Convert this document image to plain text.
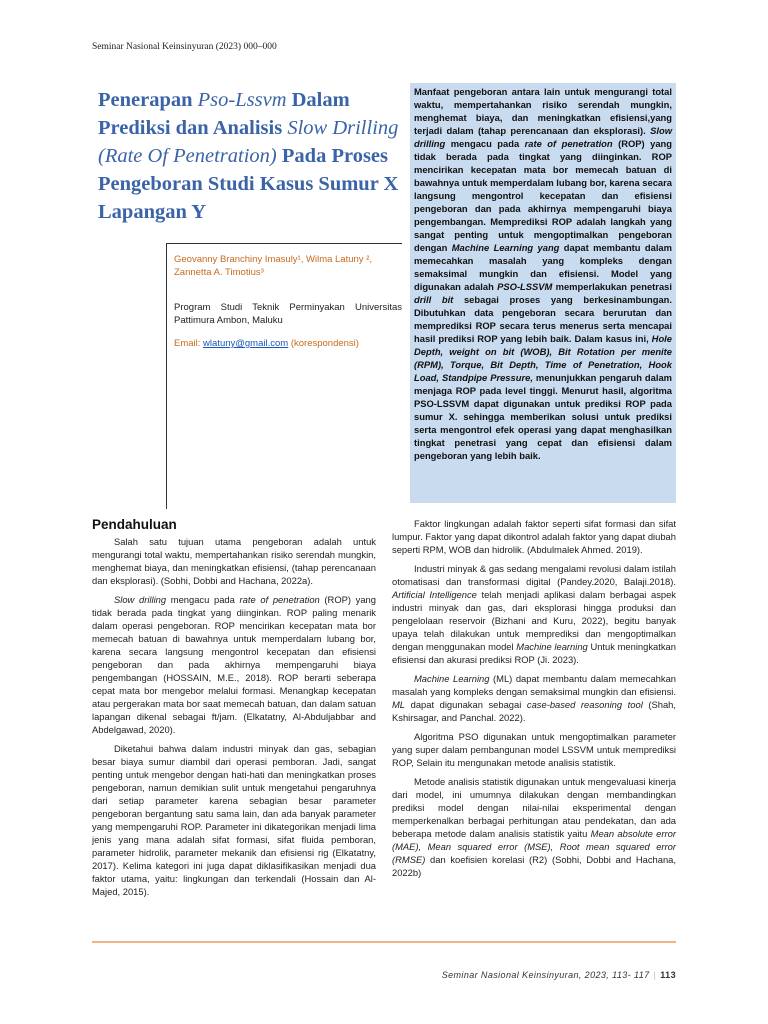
Seminar Nasional Keinsinyuran (2023) 000–000
Penerapan Pso-Lssvm Dalam Prediksi dan Analisis Slow Drilling (Rate Of Penetration) Pada Proses Pengeboran Studi Kasus Sumur X Lapangan Y
Geovanny Branchiny Imasuly¹, Wilma Latuny ², Zannetta A. Timotius³
Program Studi Teknik Perminyakan Universitas Pattimura Ambon, Maluku
Email: wlatuny@gmail.com (korespondensi)
Manfaat pengeboran antara lain untuk mengurangi total waktu, mempertahankan risiko serendah mungkin, menghemat biaya, dan meningkatkan efisiensi,yang terjadi dalam (tahap perencanaan dan eksplorasi). Slow drilling mengacu pada rate of penetration (ROP) yang tidak berada pada tingkat yang diinginkan. ROP mencirikan kecepatan mata bor memecah batuan di bawahnya untuk memperdalam lubang bor, karena secara langsung mengontrol kecepatan dan efisiensi pengeboran dan pada akhirnya mempengaruhi biaya pengembangan. Memprediksi ROP adalah langkah yang sangat penting untuk mengoptimalkan pengeboran dengan Machine Learning yang dapat membantu dalam memecahkan masalah yang kompleks dengan semaksimal mungkin dan efisiensi. Model yang digunakan adalah PSO-LSSVM memperlakukan penetrasi drill bit sebagai proses yang berkesinambungan. Dibutuhkan data pengeboran secara berurutan dan memprediksi ROP secara terus menerus serta mencapai hasil prediksi ROP yang lebih baik. Dalam kasus ini, Hole Depth, weight on bit (WOB), Bit Rotation per menite (RPM), Torque, Bit Depth, Time of Penetration, Hook Load, Standpipe Pressure, menunjukkan pengaruh dalam menjaga ROP pada level tinggi. Menurut hasil, algoritma PSO-LSSVM dapat digunakan untuk prediksi ROP pada sumur X. sehingga memberikan solusi untuk prediksi serta mengontrol efek operasi yang dapat menghasilkan tingkat penetrasi yang cepat dan efisiensi dalam pengeboran yang lebih baik.
Pendahuluan

Salah satu tujuan utama pengeboran adalah untuk mengurangi total waktu, mempertahankan risiko serendah mungkin, menghemat biaya, dan meningkatkan efisiensi, (tahap perencanaan dan eksplorasi). (Sobhi, Dobbi and Hachana, 2022a).

Slow drilling mengacu pada rate of penetration (ROP) yang tidak berada pada tingkat yang diinginkan. ROP paling menarik dalam operasi pengeboran. ROP mencirikan kecepatan mata bor memecah batuan di bawahnya untuk memperdalam lubang bor, karena secara langsung mengontrol kecepatan dan efisiensi pengeboran dan pada akhirnya mempengaruhi biaya pengembangan (HOSSAIN, M.E., 2018). ROP berarti seberapa cepat mata bor mengebor melalui formasi. Menangkap kecepatan atau pergerakan mata bor saat memecah batuan, dan dalam satuan lapangan dikenal sebagai ft/jam. (Elkatatny, Al-Abduljabbar and Abdelgawad, 2020).

Diketahui bahwa dalam industri minyak dan gas, sebagian besar biaya sumur diambil dari operasi pemboran. Jadi, sangat penting untuk mengebor dengan hati-hati dan meningkatkan proses pengeboran, namun demikian sulit untuk mengetahui pengaruhnya dari setiap parameter karena sebagian besar parameter pengeboran bergantung satu sama lain, dan ada banyak parameter yang mempengaruhi ROP. Parameter ini dikategorikan menjadi lima jenis yang mana adalah sifat formasi, sifat fluida pemboran, parameter hidrolik, parameter mekanik dan efisiensi rig (Elkatatny, 2017). Kelima kategori ini juga dapat diklasifikasikan menjadi dua faktor utama, yaitu: lingkungan dan terkendali (Hossain dan Al-Majed, 2015).

Faktor lingkungan adalah faktor seperti sifat formasi dan sifat lumpur. Faktor yang dapat dikontrol adalah faktor yang dapat diubah seperti RPM, WOB dan hidrolik. (Abdulmalek Ahmed. 2019).

Industri minyak & gas sedang mengalami revolusi dalam istilah otomatisasi dan transformasi digital (Pandey.2020, Balaji.2018). Artificial Intelligence telah menjadi aplikasi dalam berbagai aspek industri minyak dan gas, dari eksplorasi hingga produksi dan pengelolaan reservoir (Bizhani and Kuru, 2022), begitu banyak upaya telah dilakukan untuk memprediksi dan mengoptimalkan dengan menggunakan model Machine learning Untuk meningkatkan efisiensi dan akurasi prediksi ROP (Ji. 2023).

Machine Learning (ML) dapat membantu dalam memecahkan masalah yang kompleks dengan semaksimal mungkin dan efisiensi. ML dapat digunakan sebagai case-based reasoning tool (Shah, Kshirsagar, and Panchal. 2022).

Algoritma PSO digunakan untuk mengoptimalkan parameter yang super dalam pembangunan model LSSVM untuk memprediksi ROP, Selain itu mengunakan metode analisis statistik.

Metode analisis statistik digunakan untuk mengevaluasi kinerja dari model, ini umumnya dilakukan dengan membandingkan prediksi model dengan nilai-nilai eksperimental dengan memperkenalkan berbagai perhitungan atau pendekatan, dan ada beberapa metode dalam analisis statistik yaitu Mean absolute error (MAE), Mean squared error (MSE), Root mean squared error (RMSE) dan koefisien korelasi (R2) (Sobhi, Dobbi and Hachana, 2022b)

Seminar Nasional Keinsinyuran, 2023, 113- 117 | 113
